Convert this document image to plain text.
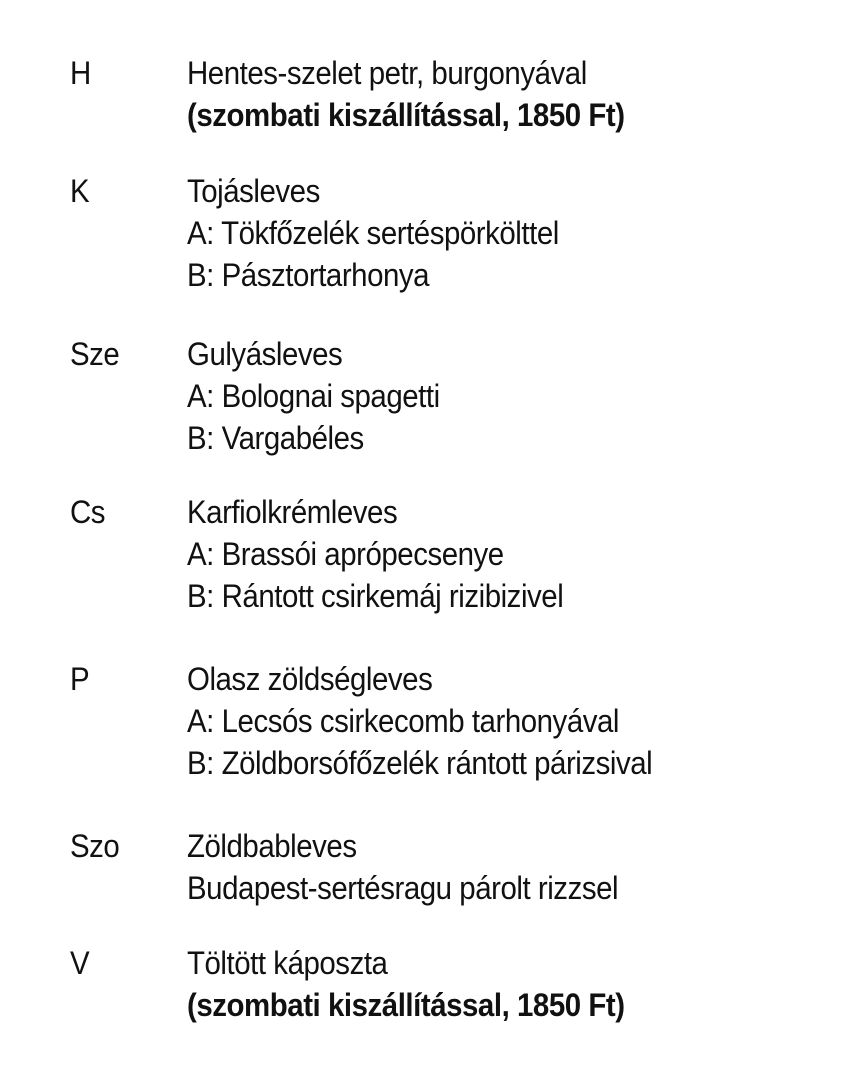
H	Hentes-szelet petr, burgonyával
(szombati kiszállítással, 1850 Ft)
K	Tojásleves
A: Tökfőzelék sertéspörkölttel
B: Pásztortarhonya
Sze Gulyásleves
A: Bolognai spagetti
B: Vargabéles
Cs	Karfiolkrémleves
A: Brassói aprópecsenye
B: Rántott csirkemáj rizibizivel
P	Olasz zöldségleves
A: Lecsós csirkecomb tarhonyával
B: Zöldborsófőzelék rántott párizsival
Szo Zöldbableves
Budapest-sertésragu párolt rizzsel
V	Töltött káposzta
(szombati kiszállítással, 1850 Ft)
